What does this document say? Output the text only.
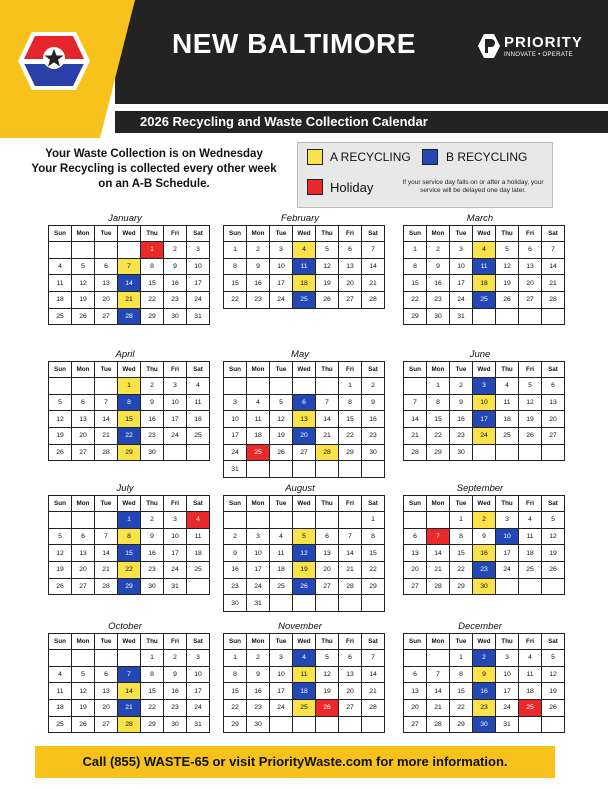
NEW BALTIMORE	PRIORITY
INNOVATE • OPERATE
2026 Recycling and Waste Collection Calendar
Your Waste Collection is on Wednesday
Your Recycling is collected every other week on an A-B Schedule.
A RECYCLING	B RECYCLING
Holiday	If your service day falls on or after a holiday, your service will be delayed one day later.
January
Sun	Mon	Tue	Wed	Thu	Fri	Sat
				1	2	3
4	5	6	7	8	9	10
11	12	13	14	15	16	17
18	19	20	21	22	23	24
25	26	27	28	29	30	31
February
Sun	Mon	Tue	Wed	Thu	Fri	Sat
1	2	3	4	5	6	7
8	9	10	11	12	13	14
15	16	17	18	19	20	21
22	23	24	25	26	27	28
March
Sun	Mon	Tue	Wed	Thu	Fri	Sat
1	2	3	4	5	6	7
8	9	10	11	12	13	14
15	16	17	18	19	20	21
22	23	24	25	26	27	28
29	30	31				
April
Sun	Mon	Tue	Wed	Thu	Fri	Sat
			1	2	3	4
5	6	7	8	9	10	11
12	13	14	15	16	17	18
19	20	21	22	23	24	25
26	27	28	29	30		
May
Sun	Mon	Tue	Wed	Thu	Fri	Sat
					1	2
3	4	5	6	7	8	9
10	11	12	13	14	15	16
17	18	19	20	21	22	23
24	25	26	27	28	29	30
31						
June
Sun	Mon	Tue	Wed	Thu	Fri	Sat
	1	2	3	4	5	6
7	8	9	10	11	12	13
14	15	16	17	18	19	20
21	22	23	24	25	26	27
28	29	30				
July
Sun	Mon	Tue	Wed	Thu	Fri	Sat
			1	2	3	4
5	6	7	8	9	10	11
12	13	14	15	16	17	18
19	20	21	22	23	24	25
26	27	28	29	30	31	
August
Sun	Mon	Tue	Wed	Thu	Fri	Sat
						1
2	3	4	5	6	7	8
9	10	11	12	13	14	15
16	17	18	19	20	21	22
23	24	25	26	27	28	29
30	31					
September
Sun	Mon	Tue	Wed	Thu	Fri	Sat
		1	2	3	4	5
6	7	8	9	10	11	12
13	14	15	16	17	18	19
20	21	22	23	24	25	26
27	28	29	30			
October
Sun	Mon	Tue	Wed	Thu	Fri	Sat
				1	2	3
4	5	6	7	8	9	10
11	12	13	14	15	16	17
18	19	20	21	22	23	24
25	26	27	28	29	30	31
November
Sun	Mon	Tue	Wed	Thu	Fri	Sat
1	2	3	4	5	6	7
8	9	10	11	12	13	14
15	16	17	18	19	20	21
22	23	24	25	26	27	28
29	30					
December
Sun	Mon	Tue	Wed	Thu	Fri	Sat
		1	2	3	4	5
6	7	8	9	10	11	12
13	14	15	16	17	18	19
20	21	22	23	24	25	26
27	28	29	30	31		
Call (855) WASTE-65 or visit PriorityWaste.com for more information.
